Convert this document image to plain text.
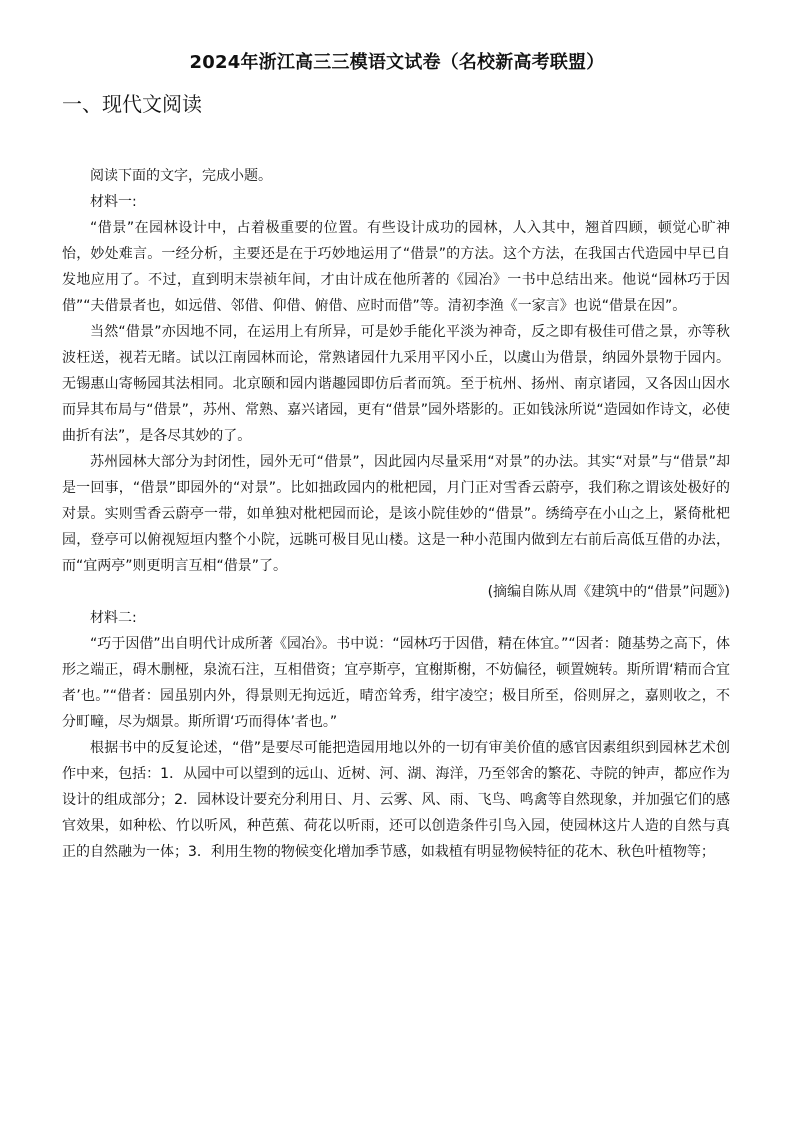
2024年浙江高三三模语文试卷（名校新高考联盟）
一、现代文阅读

阅读下面的文字，完成小题。

材料一:

“借景”在园林设计中，占着极重要的位置。有些设计成功的园林，人入其中，翘首四顾，顿觉心旷神怡，妙处难言。一经分析，主要还是在于巧妙地运用了“借景”的方法。这个方法，在我国古代造园中早已自发地应用了。不过，直到明末崇祯年间，才由计成在他所著的《园冶》一书中总结出来。他说“园林巧于因借”“夫借景者也，如远借、邻借、仰借、俯借、应时而借”等。清初李渔《一家言》也说“借景在因”。

当然“借景”亦因地不同，在运用上有所异，可是妙手能化平淡为神奇，反之即有极佳可借之景，亦等秋波枉送，视若无睹。试以江南园林而论，常熟诸园什九采用平冈小丘，以虞山为借景，纳园外景物于园内。无锡惠山寄畅园其法相同。北京颐和园内谐趣园即仿后者而筑。至于杭州、扬州、南京诸园，又各因山因水而异其布局与“借景”，苏州、常熟、嘉兴诸园，更有“借景”园外塔影的。正如钱泳所说“造园如作诗文，必使曲折有法”，是各尽其妙的了。

苏州园林大部分为封闭性，园外无可“借景”，因此园内尽量采用“对景”的办法。其实“对景”与“借景”却是一回事，“借景”即园外的“对景”。比如拙政园内的枇杷园，月门正对雪香云蔚亭，我们称之谓该处极好的对景。实则雪香云蔚亭一带，如单独对枇杷园而论，是该小院佳妙的“借景”。绣绮亭在小山之上，紧倚枇杷园，登亭可以俯视短垣内整个小院，远眺可极目见山楼。这是一种小范围内做到左右前后高低互借的办法，而“宜两亭”则更明言互相“借景”了。

(摘编自陈从周《建筑中的“借景”问题》)

材料二:

“巧于因借”出自明代计成所著《园冶》。书中说：“园林巧于因借，精在体宜。”“因者：随基势之高下，体形之端正，碍木删桠，泉流石注，互相借资；宜亭斯亭，宜榭斯榭，不妨偏径，顿置婉转。斯所谓‘精而合宜者’也。”“借者：园虽别内外，得景则无拘远近，晴峦耸秀，绀宇凌空；极目所至，俗则屏之，嘉则收之，不分町疃，尽为烟景。斯所谓‘巧而得体’者也。”

根据书中的反复论述，“借”是要尽可能把造园用地以外的一切有审美价值的感官因素组织到园林艺术创作中来，包括：1．从园中可以望到的远山、近树、河、湖、海洋，乃至邻舍的繁花、寺院的钟声，都应作为设计的组成部分；2．园林设计要充分利用日、月、云雾、风、雨、飞鸟、鸣禽等自然现象，并加强它们的感官效果，如种松、竹以听风，种芭蕉、荷花以听雨，还可以创造条件引鸟入园，使园林这片人造的自然与真正的自然融为一体；3．利用生物的物候变化增加季节感，如栽植有明显物候特征的花木、秋色叶植物等；
